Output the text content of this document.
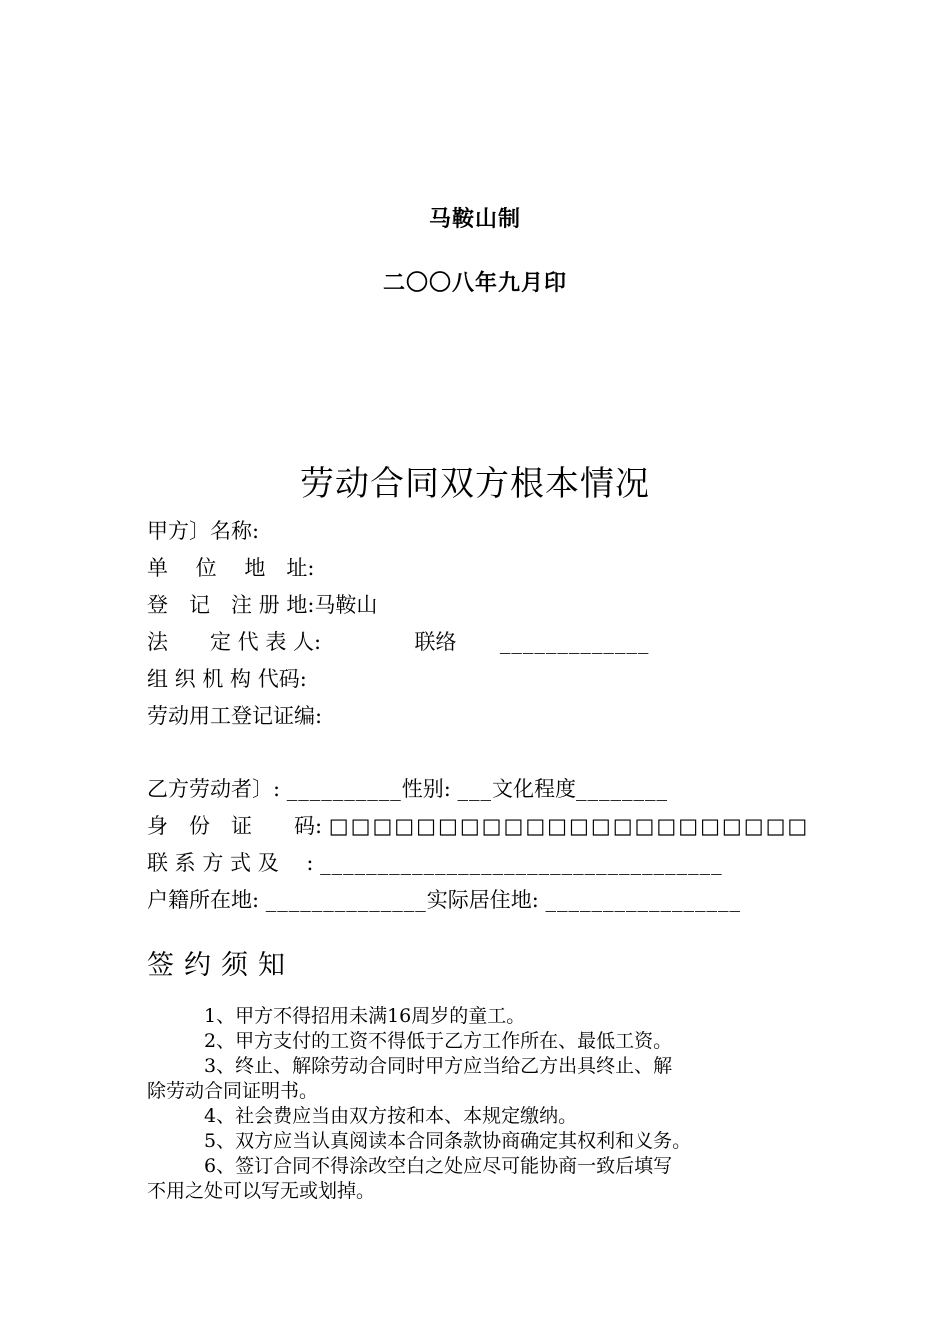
马鞍山制
二〇〇八年九月印
劳动合同双方根本情况
甲方〕名称:
单　 位　 地　址:
登　记　注 册 地:马鞍山
法　　定 代 表 人:	联络 _____________
组 织 机 构 代码:
劳动用工登记证编:
乙方劳动者〕: __________性别: ___文化程度________
身　份　证　　码: □□□□□□□□□□□□□□□□□□□□□□
联 系 方 式 及　 : ___________________________________
户籍所在地: ______________实际居住地: _________________
签约须知
1、甲方不得招用未满16周岁的童工。
2、甲方支付的工资不得低于乙方工作所在、最低工资。
3、终止、解除劳动合同时甲方应当给乙方出具终止、解
除劳动合同证明书。
4、社会费应当由双方按和本、本规定缴纳。
5、双方应当认真阅读本合同条款协商确定其权利和义务。
6、签订合同不得涂改空白之处应尽可能协商一致后填写
不用之处可以写无或划掉。
